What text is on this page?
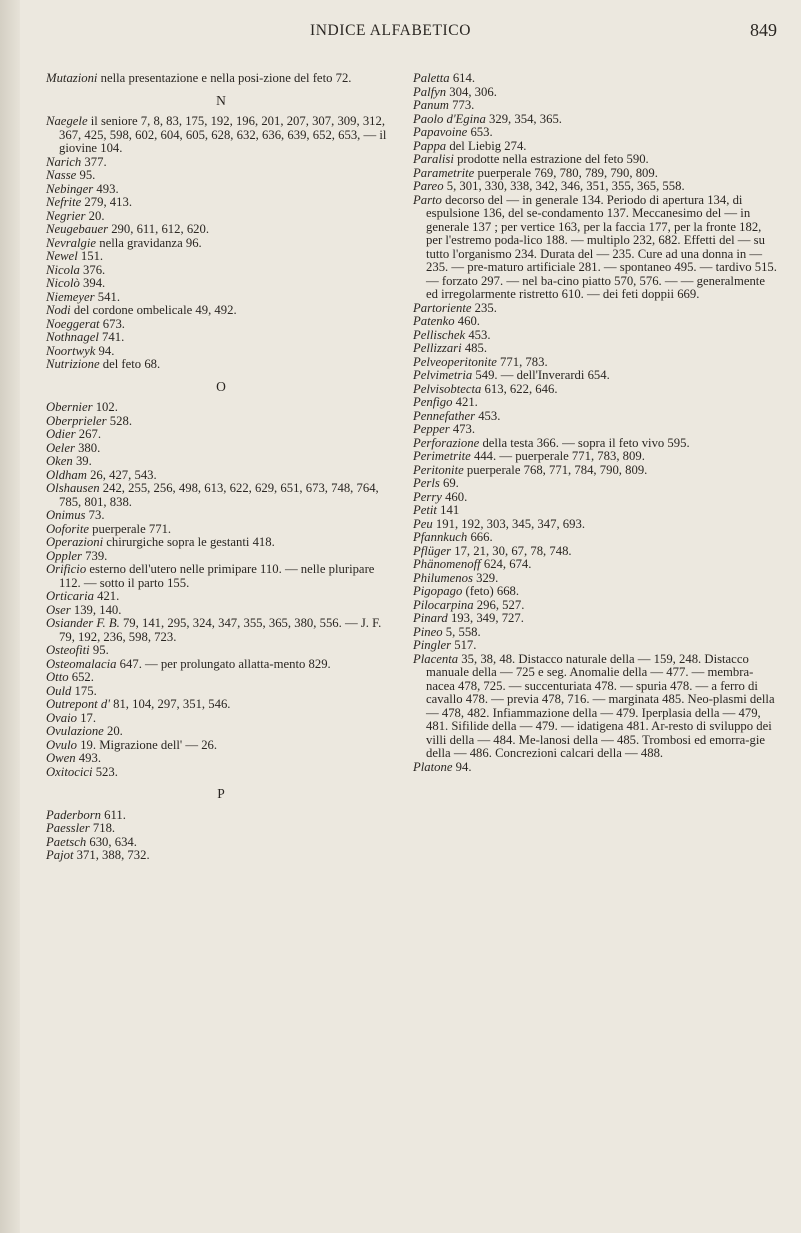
INDICE ALFABETICO	849
Mutazioni nella presentazione e nella posi-zione del feto 72.
N
Naegele il seniore 7, 8, 83, 175, 192, 196, 201, 207, 307, 309, 312, 367, 425, 598, 602, 604, 605, 628, 632, 636, 639, 652, 653, — il giovine 104.
Narich 377.
Nasse 95.
Nebinger 493.
Nefrite 279, 413.
Negrier 20.
Neugebauer 290, 611, 612, 620.
Nevralgie nella gravidanza 96.
Newel 151.
Nicola 376.
Nicolò 394.
Niemeyer 541.
Nodi del cordone ombelicale 49, 492.
Noeggerat 673.
Nothnagel 741.
Noortwyk 94.
Nutrizione del feto 68.
O
Obernier 102.
Oberprieler 528.
Odier 267.
Oeler 380.
Oken 39.
Oldham 26, 427, 543.
Olshausen 242, 255, 256, 498, 613, 622, 629, 651, 673, 748, 764, 785, 801, 838.
Onimus 73.
Ooforite puerperale 771.
Operazioni chirurgiche sopra le gestanti 418.
Oppler 739.
Orificio esterno dell'utero nelle primipare 110. — nelle pluripare 112. — sotto il parto 155.
Orticaria 421.
Oser 139, 140.
Osiander F. B. 79, 141, 295, 324, 347, 355, 365, 380, 556. — J. F. 79, 192, 236, 598, 723.
Osteofiti 95.
Osteomalacia 647. — per prolungato allatta-mento 829.
Otto 652.
Ould 175.
Outrepont d' 81, 104, 297, 351, 546.
Ovaio 17.
Ovulazione 20.
Ovulo 19. Migrazione dell' — 26.
Owen 493.
Oxitocici 523.
P
Paderborn 611.
Paessler 718.
Paetsch 630, 634.
Pajot 371, 388, 732.
Paletta 614.
Palfyn 304, 306.
Panum 773.
Paolo d'Egina 329, 354, 365.
Papavoine 653.
Pappa del Liebig 274.
Paralisi prodotte nella estrazione del feto 590.
Parametrite puerperale 769, 780, 789, 790, 809.
Pareo 5, 301, 330, 338, 342, 346, 351, 355, 365, 558.
Parto decorso del — in generale 134. Periodo di apertura 134, di espulsione 136, del se-condamento 137. Meccanesimo del — in generale 137 ; per vertice 163, per la faccia 177, per la fronte 182, per l'estremo poda-lico 188. — multiplo 232, 682. Effetti del — su tutto l'organismo 234. Durata del — 235. Cure ad una donna in — 235. — pre-maturo artificiale 281. — spontaneo 495. — tardivo 515. — forzato 297. — nel ba-cino piatto 570, 576. — — generalmente ed irregolarmente ristretto 610. — dei feti doppii 669.
Partoriente 235.
Patenko 460.
Pellischek 453.
Pellizzari 485.
Pelveoperitonite 771, 783.
Pelvimetria 549. — dell'Inverardi 654.
Pelvisobtecta 613, 622, 646.
Penfigo 421.
Pennefather 453.
Pepper 473.
Perforazione della testa 366. — sopra il feto vivo 595.
Perimetrite 444. — puerperale 771, 783, 809.
Peritonite puerperale 768, 771, 784, 790, 809.
Perls 69.
Perry 460.
Petit 141
Peu 191, 192, 303, 345, 347, 693.
Pfannkuch 666.
Pflüger 17, 21, 30, 67, 78, 748.
Phänomenoff 624, 674.
Philumenos 329.
Pigopago (feto) 668.
Pilocarpina 296, 527.
Pinard 193, 349, 727.
Pineo 5, 558.
Pingler 517.
Placenta 35, 38, 48. Distacco naturale della — 159, 248. Distacco manuale della — 725 e seg. Anomalie della — 477. — membra-nacea 478, 725. — succenturiata 478. — spuria 478. — a ferro di cavallo 478. — previa 478, 716. — marginata 485. Neo-plasmi della — 478, 482. Infiammazione della — 479. Iperplasia della — 479, 481. Sifilide della — 479. — idatigena 481. Ar-resto di sviluppo dei villi della — 484. Me-lanosi della — 485. Trombosi ed emorra-gie della — 486. Concrezioni calcari della — 488.
Platone 94.
